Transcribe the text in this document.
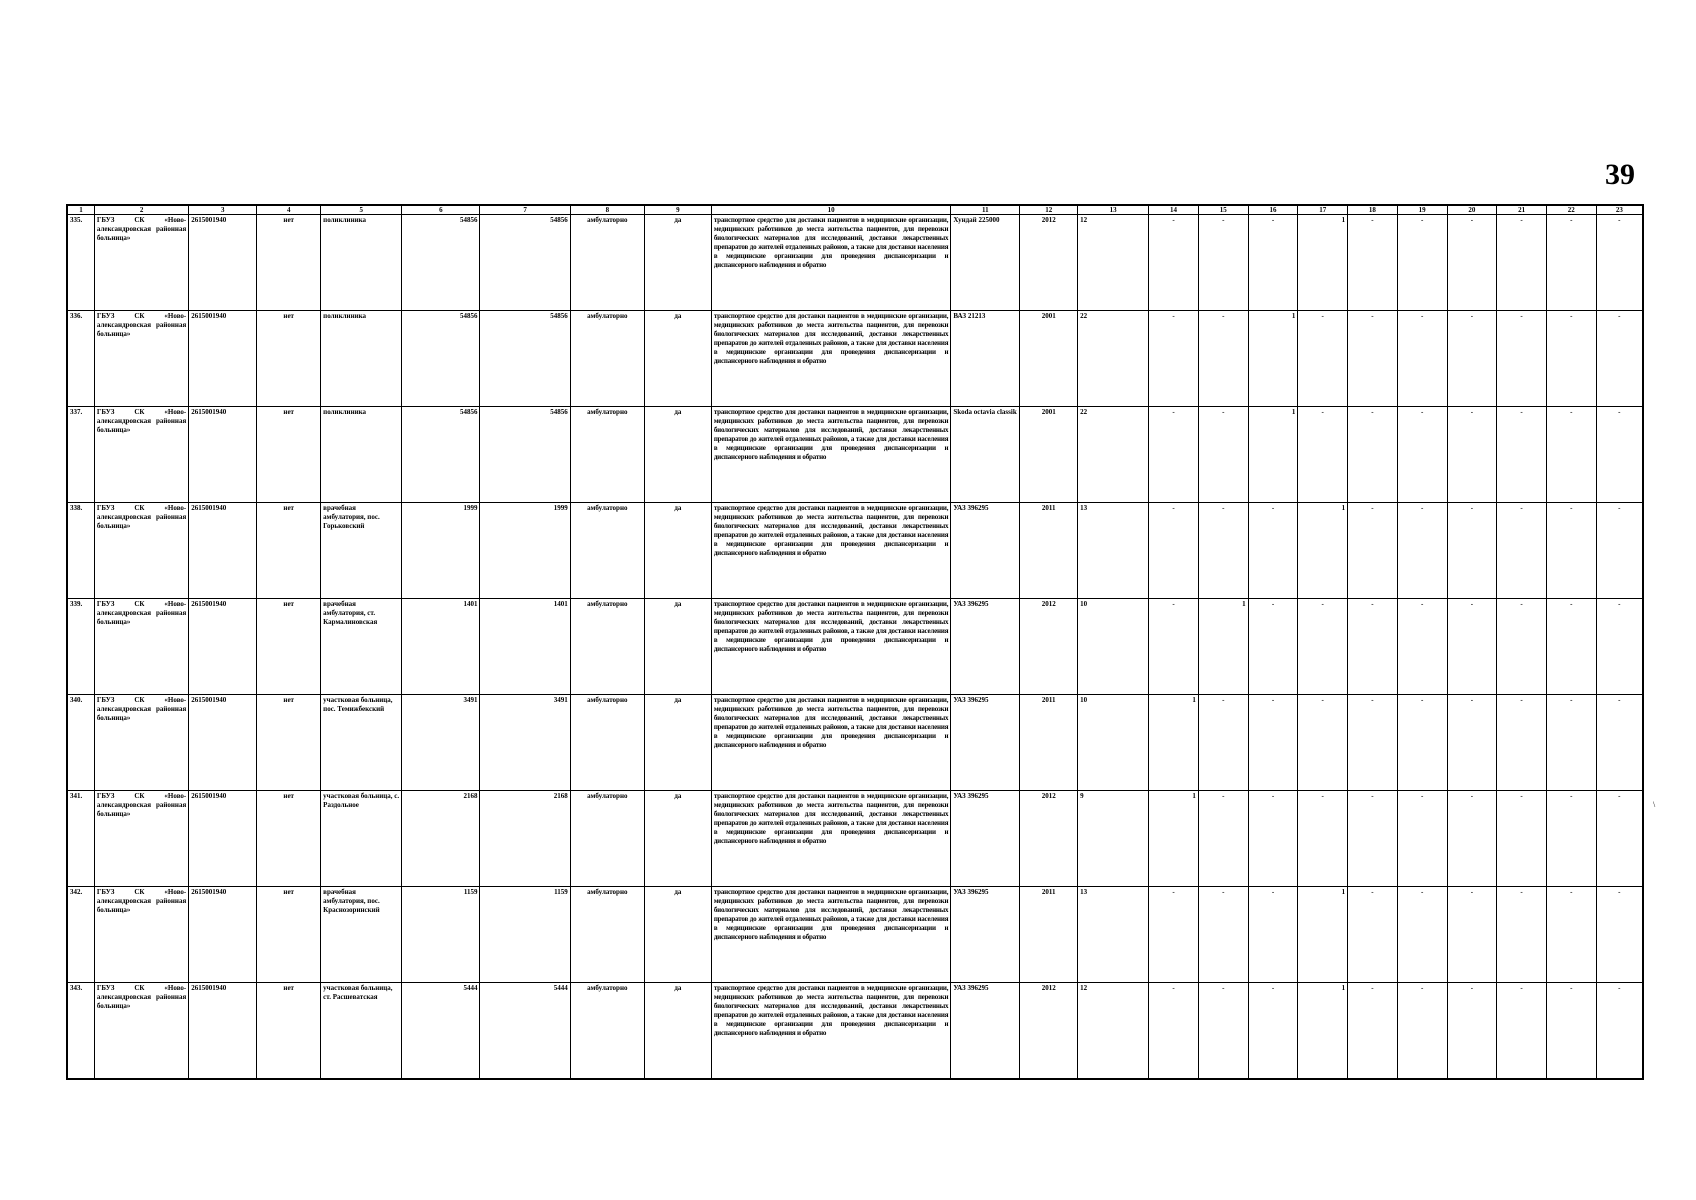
39
\
1	2	3	4	5	6	7	8	9	10	11	12	13	14	15	16	17	18	19	20	21	22	23
335.	ГБУЗ СК «Ново-александровская районная больница»	2615001940	нет	поликлиника	54856	54856	амбулаторно	да	транспортное средство для доставки пациентов в медицинские организации, медицинских работников до места жительства пациентов, для перевозки биологических материалов для исследований, доставки лекарственных препаратов до жителей отдаленных районов, а также для доставки населения в медицинские организации для проведения диспансеризации и диспансерного наблюдения и обратно	Хундай 225000	2012	12	-	-	-	1	-	-	-	-	-	-
336.	ГБУЗ СК «Ново-александровская районная больница»	2615001940	нет	поликлиника	54856	54856	амбулаторно	да	транспортное средство для доставки пациентов в медицинские организации, медицинских работников до места жительства пациентов, для перевозки биологических материалов для исследований, доставки лекарственных препаратов до жителей отдаленных районов, а также для доставки населения в медицинские организации для проведения диспансеризации и диспансерного наблюдения и обратно	ВАЗ 21213	2001	22	-	-	1	-	-	-	-	-	-	-
337.	ГБУЗ СК «Ново-александровская районная больница»	2615001940	нет	поликлиника	54856	54856	амбулаторно	да	транспортное средство для доставки пациентов в медицинские организации, медицинских работников до места жительства пациентов, для перевозки биологических материалов для исследований, доставки лекарственных препаратов до жителей отдаленных районов, а также для доставки населения в медицинские организации для проведения диспансеризации и диспансерного наблюдения и обратно	Skoda octavia classik	2001	22	-	-	1	-	-	-	-	-	-	-
338.	ГБУЗ СК «Ново-александровская районная больница»	2615001940	нет	врачебная амбулатория, пос. Горьковский	1999	1999	амбулаторно	да	транспортное средство для доставки пациентов в медицинские организации, медицинских работников до места жительства пациентов, для перевозки биологических материалов для исследований, доставки лекарственных препаратов до жителей отдаленных районов, а также для доставки населения в медицинские организации для проведения диспансеризации и диспансерного наблюдения и обратно	УАЗ 396295	2011	13	-	-	-	1	-	-	-	-	-	-
339.	ГБУЗ СК «Ново-александровская районная больница»	2615001940	нет	врачебная амбулатория, ст. Кармалиновская	1401	1401	амбулаторно	да	транспортное средство для доставки пациентов в медицинские организации, медицинских работников до места жительства пациентов, для перевозки биологических материалов для исследований, доставки лекарственных препаратов до жителей отдаленных районов, а также для доставки населения в медицинские организации для проведения диспансеризации и диспансерного наблюдения и обратно	УАЗ 396295	2012	10	-	1	-	-	-	-	-	-	-	-
340.	ГБУЗ СК «Ново-александровская районная больница»	2615001940	нет	участковая больница, пос. Темижбекский	3491	3491	амбулаторно	да	транспортное средство для доставки пациентов в медицинские организации, медицинских работников до места жительства пациентов, для перевозки биологических материалов для исследований, доставки лекарственных препаратов до жителей отдаленных районов, а также для доставки населения в медицинские организации для проведения диспансеризации и диспансерного наблюдения и обратно	УАЗ 396295	2011	10	1	-	-	-	-	-	-	-	-	-
341.	ГБУЗ СК «Ново-александровская районная больница»	2615001940	нет	участковая больница, с. Раздольное	2168	2168	амбулаторно	да	транспортное средство для доставки пациентов в медицинские организации, медицинских работников до места жительства пациентов, для перевозки биологических материалов для исследований, доставки лекарственных препаратов до жителей отдаленных районов, а также для доставки населения в медицинские организации для проведения диспансеризации и диспансерного наблюдения и обратно	УАЗ 396295	2012	9	1	-	-	-	-	-	-	-	-	-
342.	ГБУЗ СК «Ново-александровская районная больница»	2615001940	нет	врачебная амбулатория, пос. Краснозоринский	1159	1159	амбулаторно	да	транспортное средство для доставки пациентов в медицинские организации, медицинских работников до места жительства пациентов, для перевозки биологических материалов для исследований, доставки лекарственных препаратов до жителей отдаленных районов, а также для доставки населения в медицинские организации для проведения диспансеризации и диспансерного наблюдения и обратно	УАЗ 396295	2011	13	-	-	-	1	-	-	-	-	-	-
343.	ГБУЗ СК «Ново-александровская районная больница»	2615001940	нет	участковая больница, ст. Расшеватская	5444	5444	амбулаторно	да	транспортное средство для доставки пациентов в медицинские организации, медицинских работников до места жительства пациентов, для перевозки биологических материалов для исследований, доставки лекарственных препаратов до жителей отдаленных районов, а также для доставки населения в медицинские организации для проведения диспансеризации и диспансерного наблюдения и обратно	УАЗ 396295	2012	12	-	-	-	1	-	-	-	-	-	-
